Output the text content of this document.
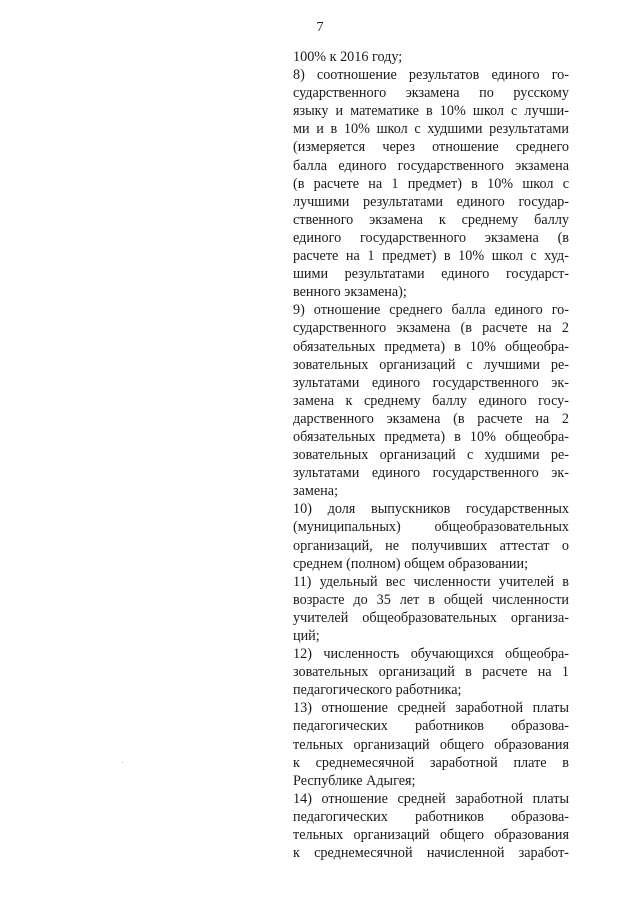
7
100% к 2016 году;
8) соотношение результатов единого го-
сударственного экзамена по русскому
языку и математике в 10% школ с лучши-
ми и в 10% школ с худшими результатами
(измеряется через отношение среднего
балла единого государственного экзамена
(в расчете на 1 предмет) в 10% школ с
лучшими результатами единого государ-
ственного экзамена к среднему баллу
единого государственного экзамена (в
расчете на 1 предмет) в 10% школ с худ-
шими результатами единого государст-
венного экзамена);
9) отношение среднего балла единого го-
сударственного экзамена (в расчете на 2
обязательных предмета) в 10% общеобра-
зовательных организаций с лучшими ре-
зультатами единого государственного эк-
замена к среднему баллу единого госу-
дарственного экзамена (в расчете на 2
обязательных предмета) в 10% общеобра-
зовательных организаций с худшими ре-
зультатами единого государственного эк-
замена;
10) доля выпускников государственных
(муниципальных) общеобразовательных
организаций, не получивших аттестат о
среднем (полном) общем образовании;
11) удельный вес численности учителей в
возрасте до 35 лет в общей численности
учителей общеобразовательных организа-
ций;
12) численность обучающихся общеобра-
зовательных организаций в расчете на 1
педагогического работника;
13) отношение средней заработной платы
педагогических работников образова-
тельных организаций общего образования
к среднемесячной заработной плате в
Республике Адыгея;
14) отношение средней заработной платы
педагогических работников образова-
тельных организаций общего образования
к среднемесячной начисленной заработ-
